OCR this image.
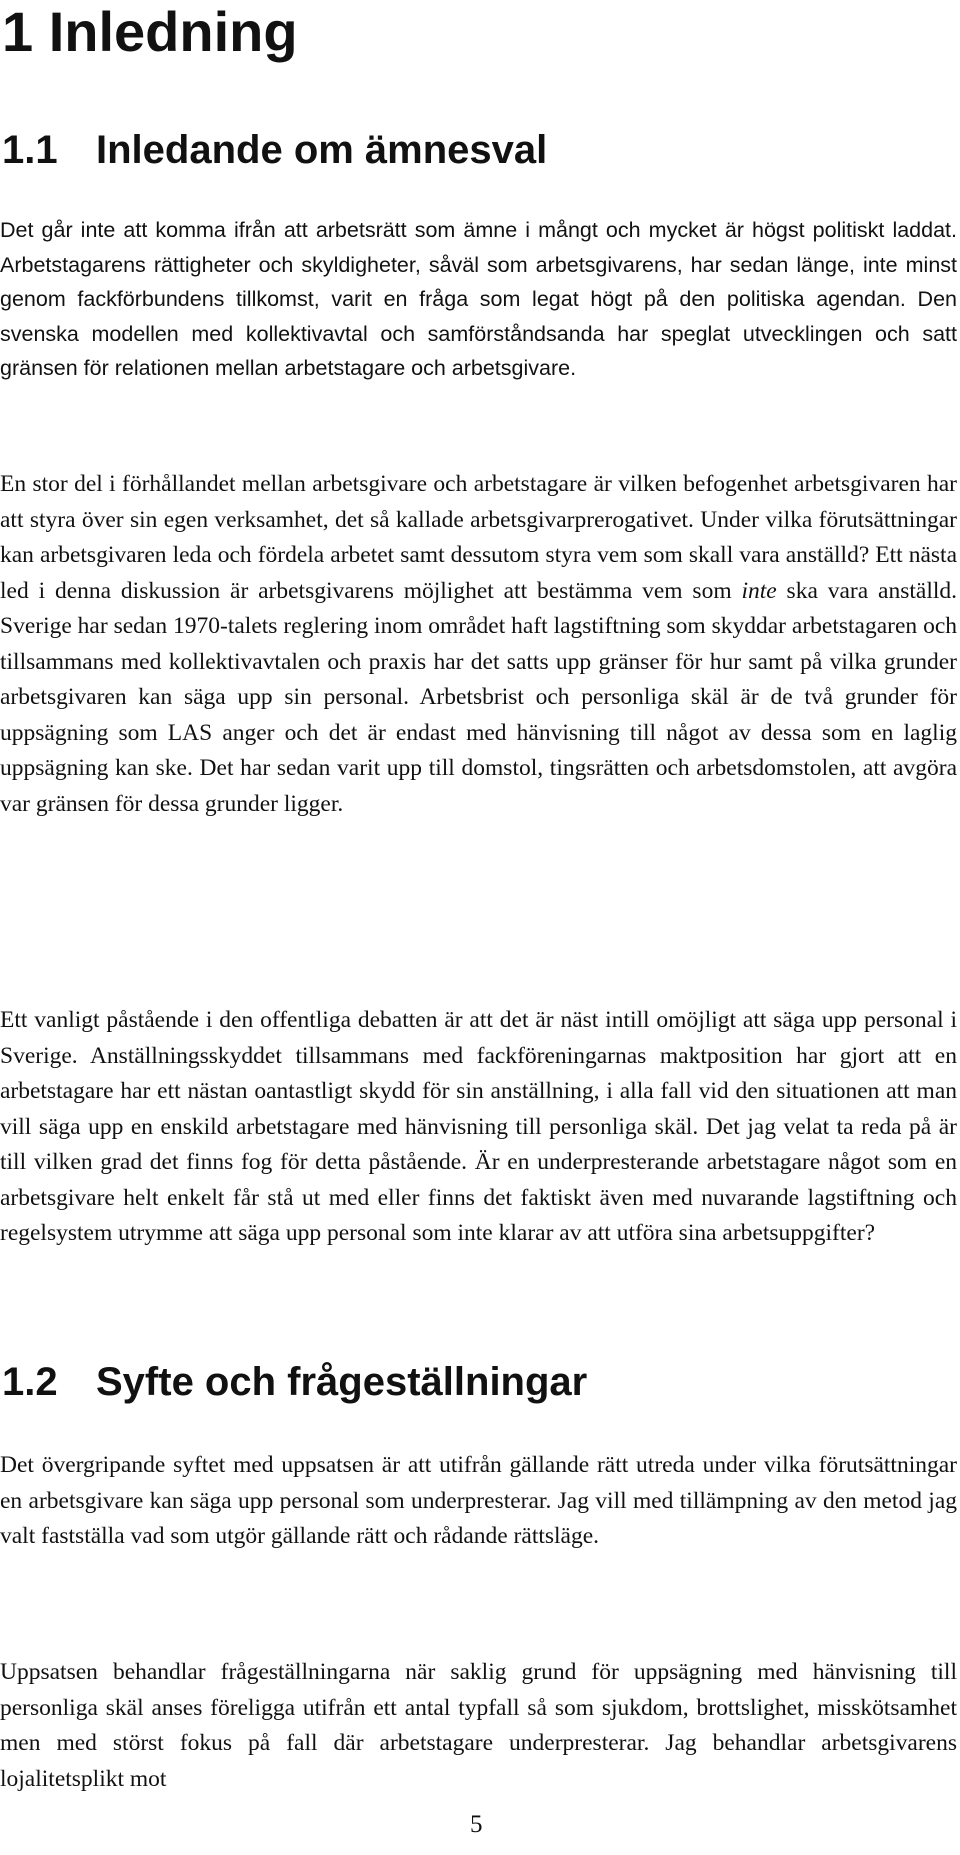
1 Inledning
1.1 Inledande om ämnesval

Det går inte att komma ifrån att arbetsrätt som ämne i mångt och mycket är högst politiskt laddat. Arbetstagarens rättigheter och skyldigheter, såväl som arbetsgivarens, har sedan länge, inte minst genom fackförbundens tillkomst, varit en fråga som legat högt på den politiska agendan. Den svenska modellen med kollektivavtal och samförståndsanda har speglat utvecklingen och satt gränsen för relationen mellan arbetstagare och arbetsgivare.

En stor del i förhållandet mellan arbetsgivare och arbetstagare är vilken befogenhet arbetsgivaren har att styra över sin egen verksamhet, det så kallade arbetsgivarprerogativet. Under vilka förutsättningar kan arbetsgivaren leda och fördela arbetet samt dessutom styra vem som skall vara anställd? Ett nästa led i denna diskussion är arbetsgivarens möjlighet att bestämma vem som inte ska vara anställd. Sverige har sedan 1970-talets reglering inom området haft lagstiftning som skyddar arbetstagaren och tillsammans med kollektivavtalen och praxis har det satts upp gränser för hur samt på vilka grunder arbetsgivaren kan säga upp sin personal. Arbetsbrist och personliga skäl är de två grunder för uppsägning som LAS anger och det är endast med hänvisning till något av dessa som en laglig uppsägning kan ske. Det har sedan varit upp till domstol, tingsrätten och arbetsdomstolen, att avgöra var gränsen för dessa grunder ligger.

Ett vanligt påstående i den offentliga debatten är att det är näst intill omöjligt att säga upp personal i Sverige. Anställningsskyddet tillsammans med fackföreningarnas maktposition har gjort att en arbetstagare har ett nästan oantastligt skydd för sin anställning, i alla fall vid den situationen att man vill säga upp en enskild arbetstagare med hänvisning till personliga skäl. Det jag velat ta reda på är till vilken grad det finns fog för detta påstående. Är en underpresterande arbetstagare något som en arbetsgivare helt enkelt får stå ut med eller finns det faktiskt även med nuvarande lagstiftning och regelsystem utrymme att säga upp personal som inte klarar av att utföra sina arbetsuppgifter?

1.2 Syfte och frågeställningar

Det övergripande syftet med uppsatsen är att utifrån gällande rätt utreda under vilka förutsättningar en arbetsgivare kan säga upp personal som underpresterar. Jag vill med tillämpning av den metod jag valt fastställa vad som utgör gällande rätt och rådande rättsläge.

Uppsatsen behandlar frågeställningarna när saklig grund för uppsägning med hänvisning till personliga skäl anses föreligga utifrån ett antal typfall så som sjukdom, brottslighet, misskötsamhet men med störst fokus på fall där arbetstagare underpresterar. Jag behandlar arbetsgivarens lojalitetsplikt mot

5
